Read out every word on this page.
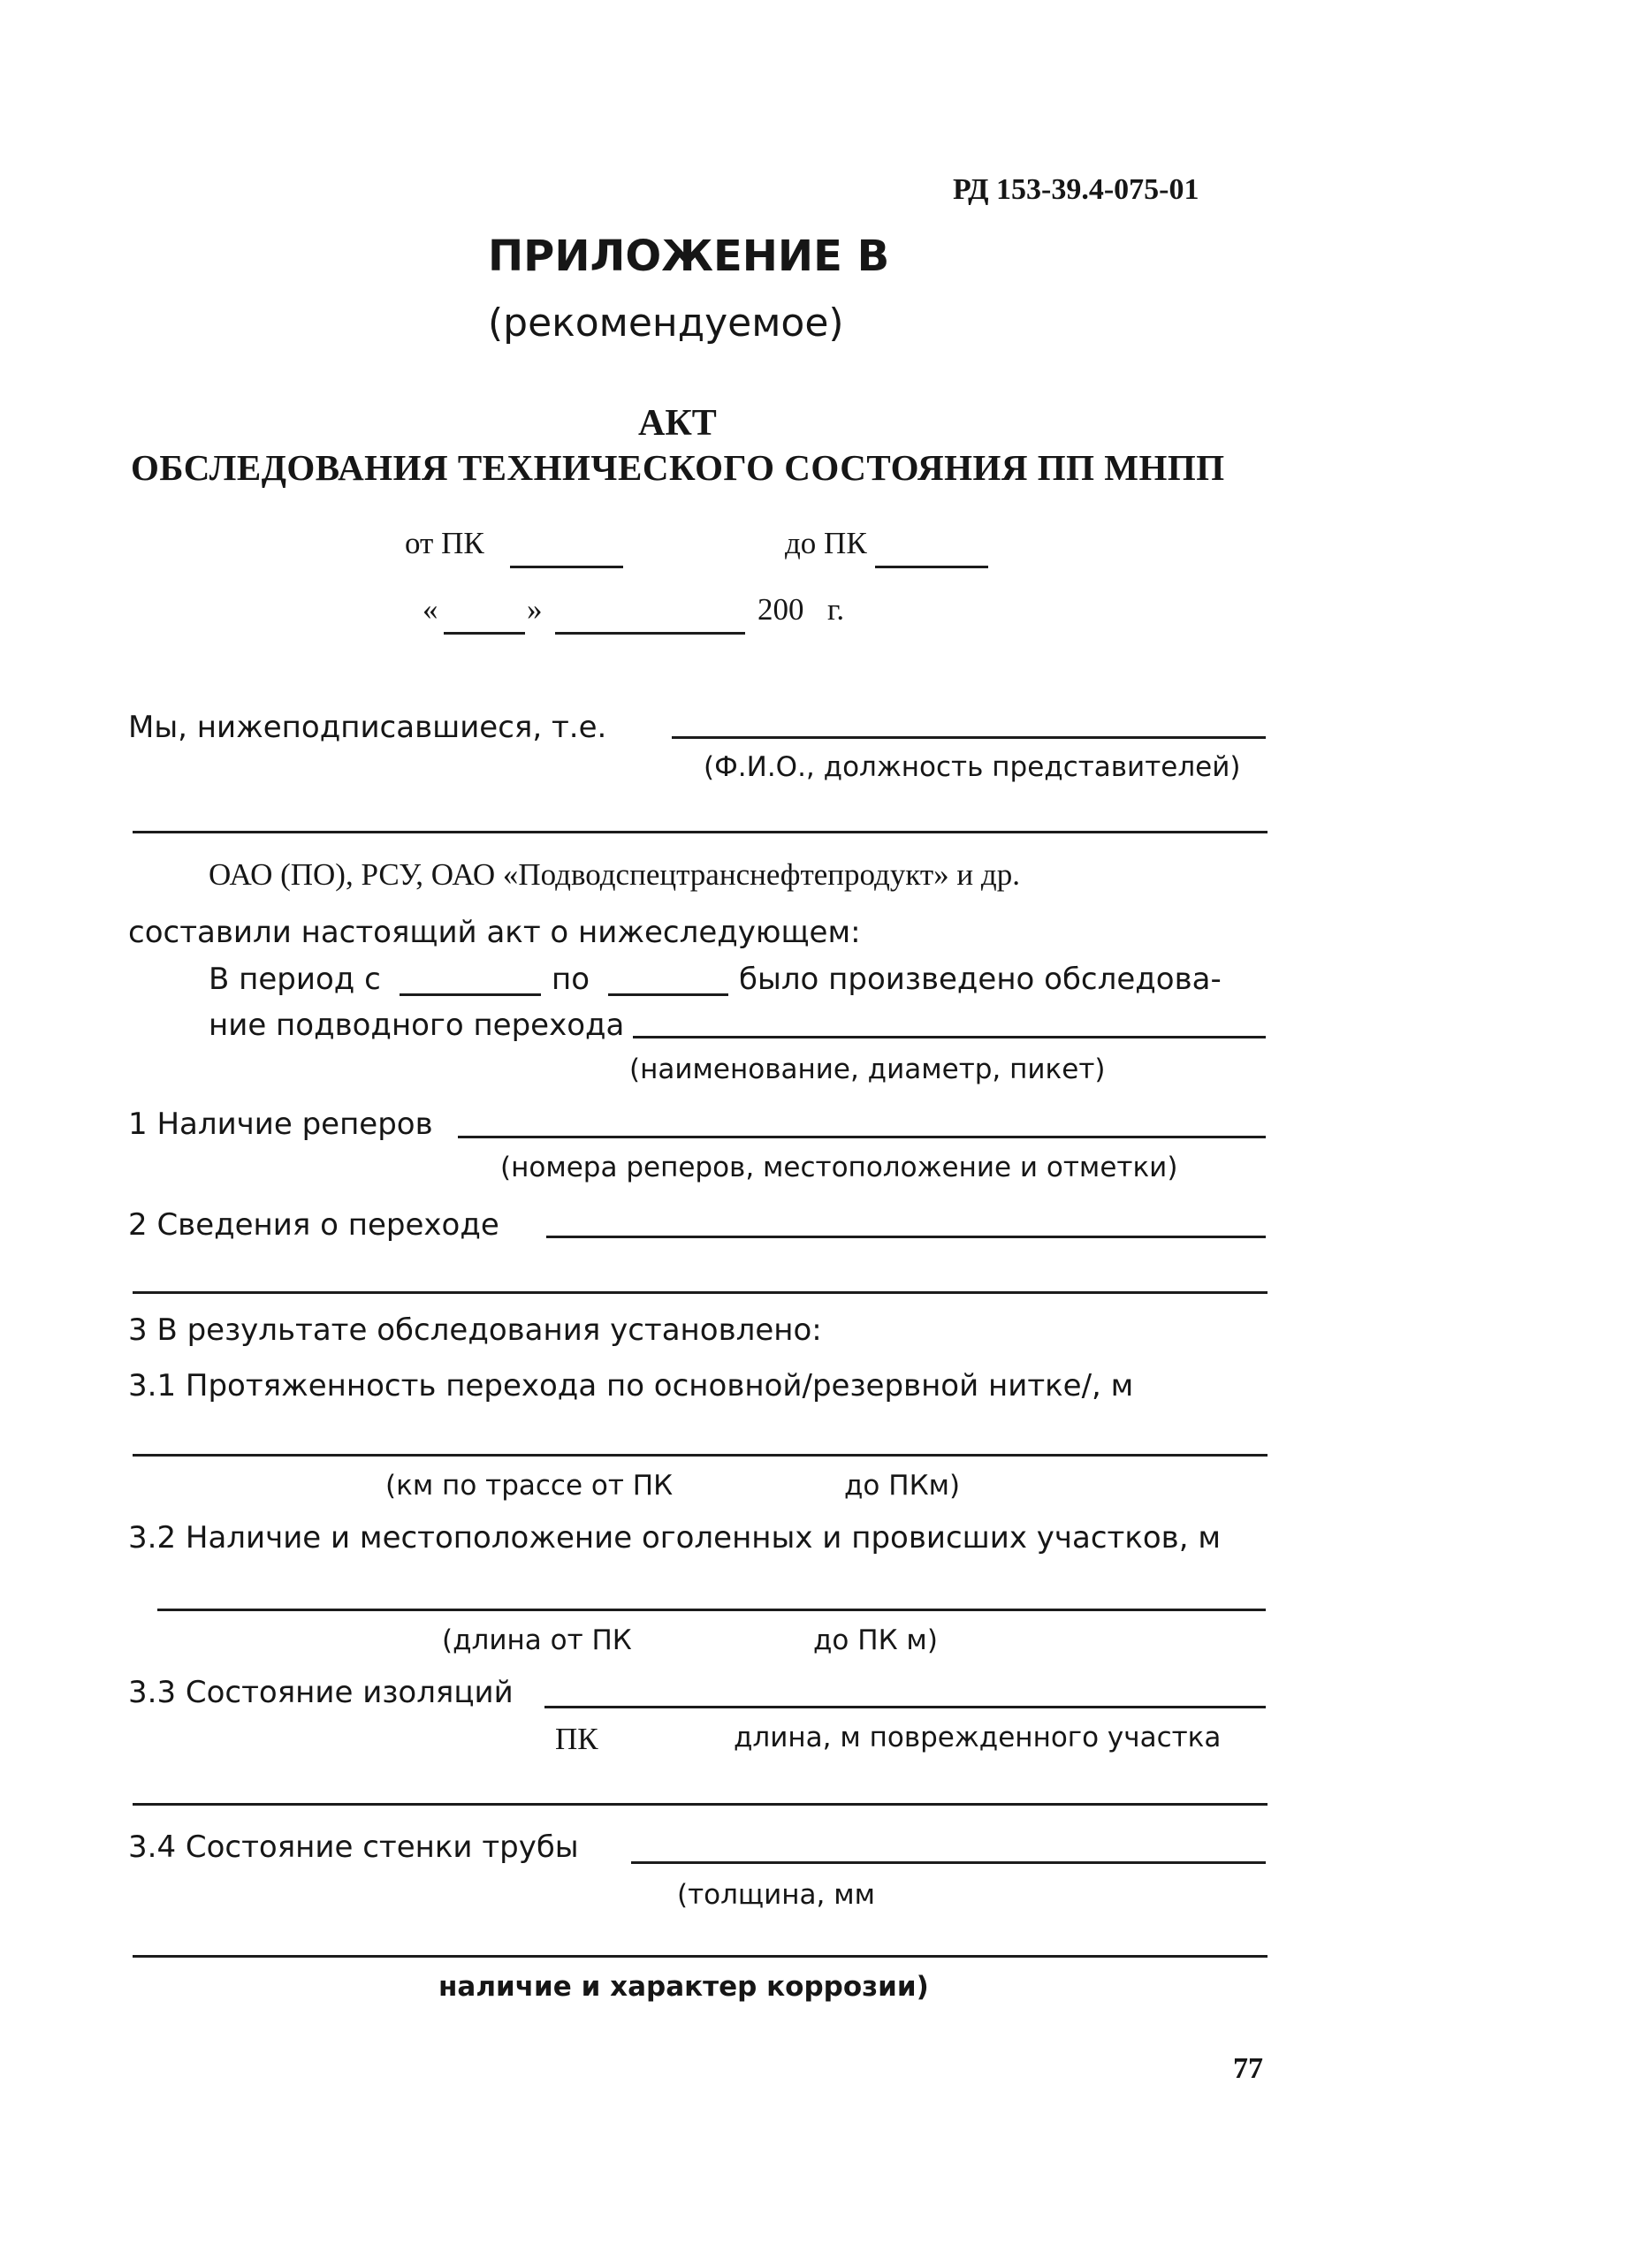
РД 153-39.4-075-01
ПРИЛОЖЕНИЕ В
(рекомендуемое)
АКТ
ОБСЛЕДОВАНИЯ ТЕХНИЧЕСКОГО СОСТОЯНИЯ ПП МНПП
от ПК	до ПК
«	»	200 г.
Мы, нижеподписавшиеся, т.е.
(Ф.И.О., должность представителей)
ОАО (ПО), РСУ, ОАО «Подводспецтранснефтепродукт» и др.
составили настоящий акт о нижеследующем:
В период с	по	было произведено обследова-
ние подводного перехода
(наименование, диаметр, пикет)
1 Наличие реперов
(номера реперов, местоположение и отметки)
2 Сведения о переходе
3 В результате обследования установлено:
3.1 Протяженность перехода по основной/резервной нитке/, м
(км по трассе от ПК	до ПКм)
3.2 Наличие и местоположение оголенных и провисших участков, м
(длина от ПК	до ПК м)
3.3 Состояние изоляций
ПК	длина, м поврежденного участка
3.4 Состояние стенки трубы
(толщина, мм
наличие и характер коррозии)
77
